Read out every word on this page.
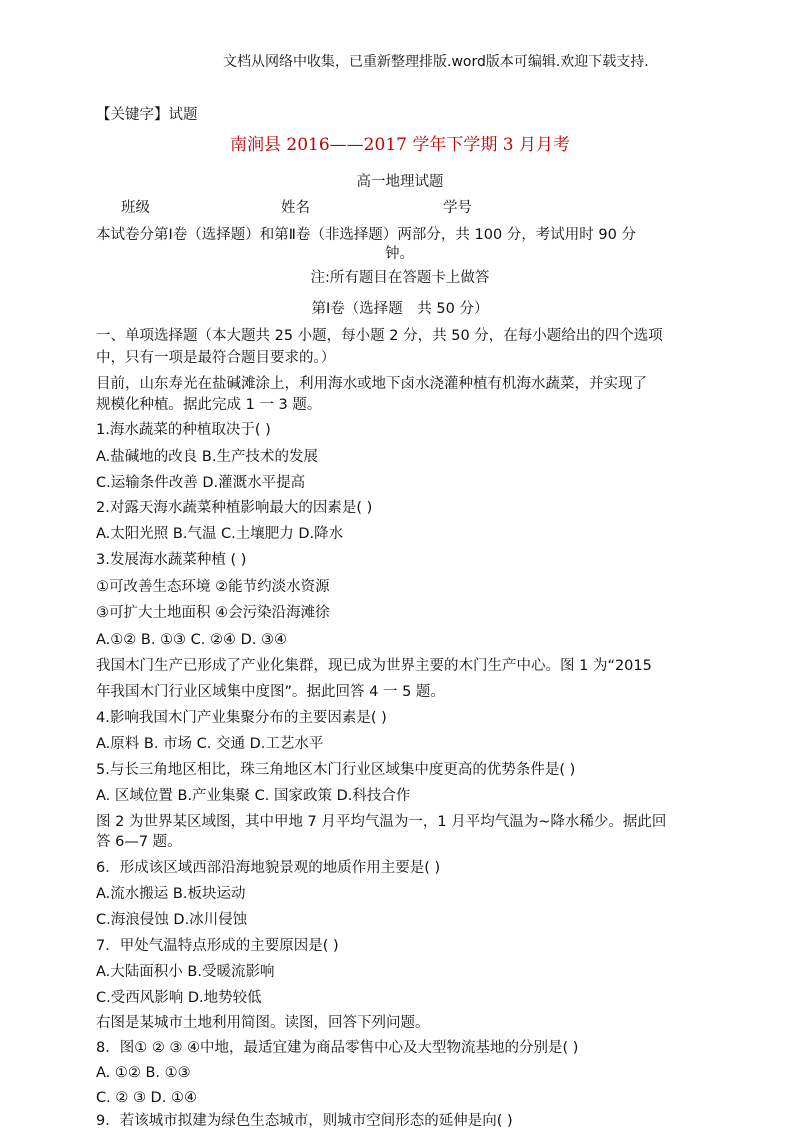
文档从网络中收集，已重新整理排版.word版本可编辑.欢迎下载支持.
【关键字】试题
南涧县 2016——2017 学年下学期 3 月月考
高一地理试题
班级	姓名	学号
本试卷分第Ⅰ卷（选择题）和第Ⅱ卷（非选择题）两部分，共 100 分，考试用时 90 分
钟。
注:所有题目在答题卡上做答
第Ⅰ卷（选择题　共 50 分）
一、单项选择题（本大题共 25 小题，每小题 2 分，共 50 分，在每小题给出的四个选项
中，只有一项是最符合题目要求的。）
目前，山东寿光在盐碱滩涂上，利用海水或地下卤水浇灌种植有机海水蔬菜，并实现了
规模化种植。据此完成 1 一 3 题。
1.海水蔬菜的种植取决于( )
A.盐碱地的改良 B.生产技术的发展
C.运输条件改善 D.灌溉水平提高
2.对露天海水蔬菜种植影响最大的因素是( )
A.太阳光照 B.气温 C.土壤肥力 D.降水
3.发展海水蔬菜种植 ( )
①可改善生态环境 ②能节约淡水资源
③可扩大土地面积 ④会污染沿海滩徐
A.①② B. ①③ C. ②④ D. ③④
我国木门生产已形成了产业化集群，现已成为世界主要的木门生产中心。图 1 为“2015
年我国木门行业区域集中度图”。据此回答 4 一 5 题。
4.影响我国木门产业集聚分布的主要因素是( )
A.原料 B. 市场 C. 交通 D.工艺水平
5.与长三角地区相比，珠三角地区木门行业区域集中度更高的优势条件是( )
A. 区域位置 B.产业集聚 C. 国家政策 D.科技合作
图 2 为世界某区域图，其中甲地 7 月平均气温为一，1 月平均气温为~降水稀少。据此回
答 6—7 题。
6．形成该区域西部沿海地貌景观的地质作用主要是( )
A.流水搬运 B.板块运动
C.海浪侵蚀 D.冰川侵蚀
7．甲处气温特点形成的主要原因是( )
A.大陆面积小 B.受暖流影响
C.受西风影响 D.地势较低
右图是某城市土地利用简图。读图，回答下列问题。
8．图① ② ③ ④中地，最适宜建为商品零售中心及大型物流基地的分别是( )
A. ①② B. ①③
C. ② ③ D. ①④
9．若该城市拟建为绿色生态城市，则城市空间形态的延伸是向( )
